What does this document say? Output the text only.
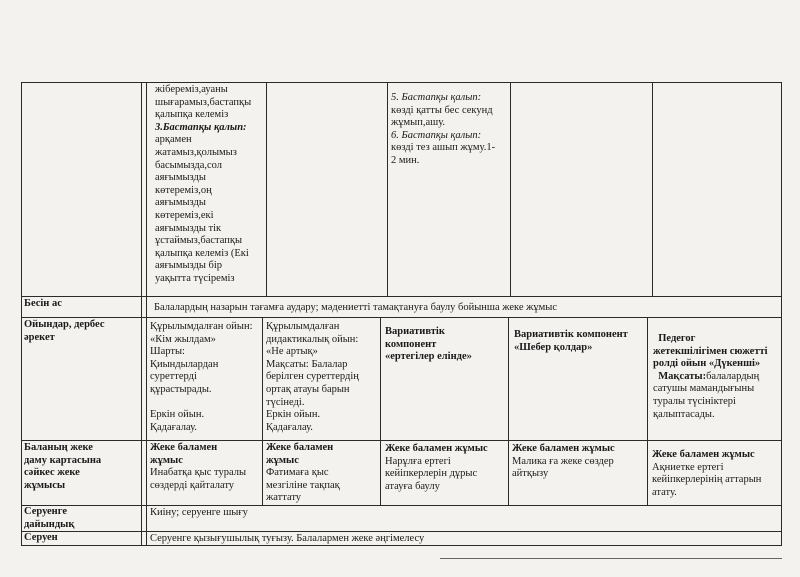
жібереміз,ауаны
шығарамыз,бастапқы
қалыпқа келеміз
3.Бастапқы қалып:
арқамен
жатамыз,қолымыз
басымызда,сол
аяғымызды
көтереміз,оң
аяғымызды
көтереміз,екі
аяғымызды тік
ұстаймыз,бастапқы
қалыпқа келеміз (Екі
аяғымызды бір
уақытта түсіреміз
5. Бастапқы қалып:
көзді қатты бес секунд
жұмып,ашу.
6. Бастапқы қалып:
көзді тез ашып жұму.1-
2 мин.
Бесін ас	Балалардың назарын тағамға аудару; мәдениетті тамақтануға баулу бойынша жеке жұмыс
Ойындар, дербес
әрекет
Құрылымдалған ойын:
«Кім жылдам»
Шарты:
Қиындылардан
суреттерді
құрастырады.
Еркін ойын.
Қадағалау.
Құрылымдалған
дидактикалық ойын:
«Не артық»
Мақсаты: Балалар
берілген суреттердің
ортақ атауы барын
түсінеді.
Еркін ойын.
Қадағалау.
Вариативтік
компонент
«ертегілер елінде»
Вариативтік компонент
«Шебер қолдар»
Педегог
жетекшілігімен сюжетті
ролді ойын «Дүкенші»
Мақсаты:балалардың
сатушы мамандығыны
туралы түсініктері
қалыптасады.
Баланың жеке
даму картасына
сәйкес жеке
жұмысы
Жеке баламен
жұмыс
Инабатқа қыс туралы
сөздерді қайталату
Жеке баламен
жұмыс
Фатимаға қыс
мезгіліне тақпақ
жаттату
Жеке баламен жұмыс
Нарұлға ертегі
кейіпкерлерін дұрыс
атауға баулу
Жеке баламен жұмыс
Малика ға жеке сөздер
айтқызу
Жеке баламен жұмыс
Ақниетке ертегі
кейіпкерлерінің аттарын
атату.
Серуенге
дайындық
Киіну; серуенге шығу
Серуен	Серуенге қызығушылық туғызу. Балалармен жеке әңгімелесу
